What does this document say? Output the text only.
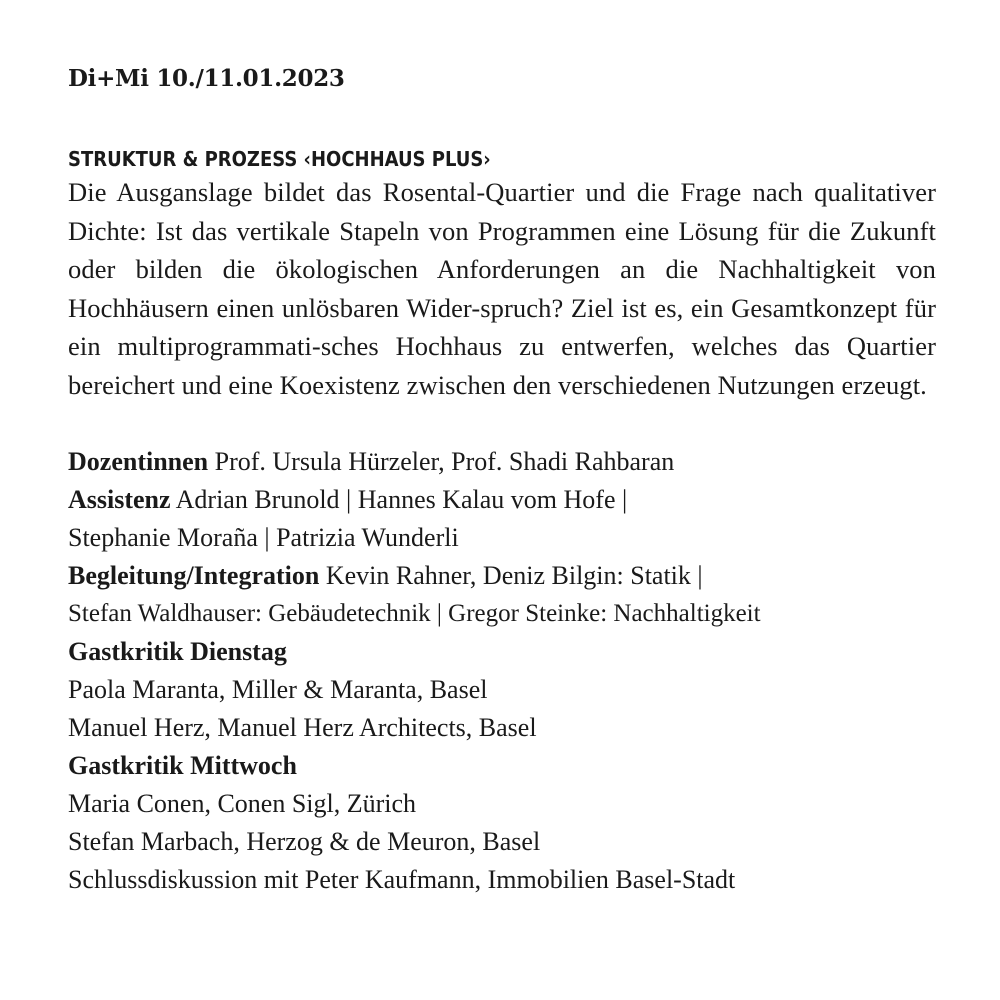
Di+Mi 10./11.01.2023
STRUKTUR & PROZESS ‹HOCHHAUS PLUS›

Die Ausganslage bildet das Rosental-Quartier und die Frage nach qualitativer Dichte: Ist das vertikale Stapeln von Programmen eine Lösung für die Zukunft oder bilden die ökologischen Anforderungen an die Nachhaltigkeit von Hochhäusern einen unlösbaren Wider-spruch? Ziel ist es, ein Gesamtkonzept für ein multiprogrammati-sches Hochhaus zu entwerfen, welches das Quartier bereichert und eine Koexistenz zwischen den verschiedenen Nutzungen erzeugt.

Dozentinnen Prof. Ursula Hürzeler, Prof. Shadi Rahbaran
Assistenz Adrian Brunold | Hannes Kalau vom Hofe |
Stephanie Moraña | Patrizia Wunderli
Begleitung/Integration Kevin Rahner, Deniz Bilgin: Statik |
Stefan Waldhauser: Gebäudetechnik | Gregor Steinke: Nachhaltigkeit
Gastkritik Dienstag
Paola Maranta, Miller & Maranta, Basel
Manuel Herz, Manuel Herz Architects, Basel
Gastkritik Mittwoch
Maria Conen, Conen Sigl, Zürich
Stefan Marbach, Herzog & de Meuron, Basel
Schlussdiskussion mit Peter Kaufmann, Immobilien Basel-Stadt
